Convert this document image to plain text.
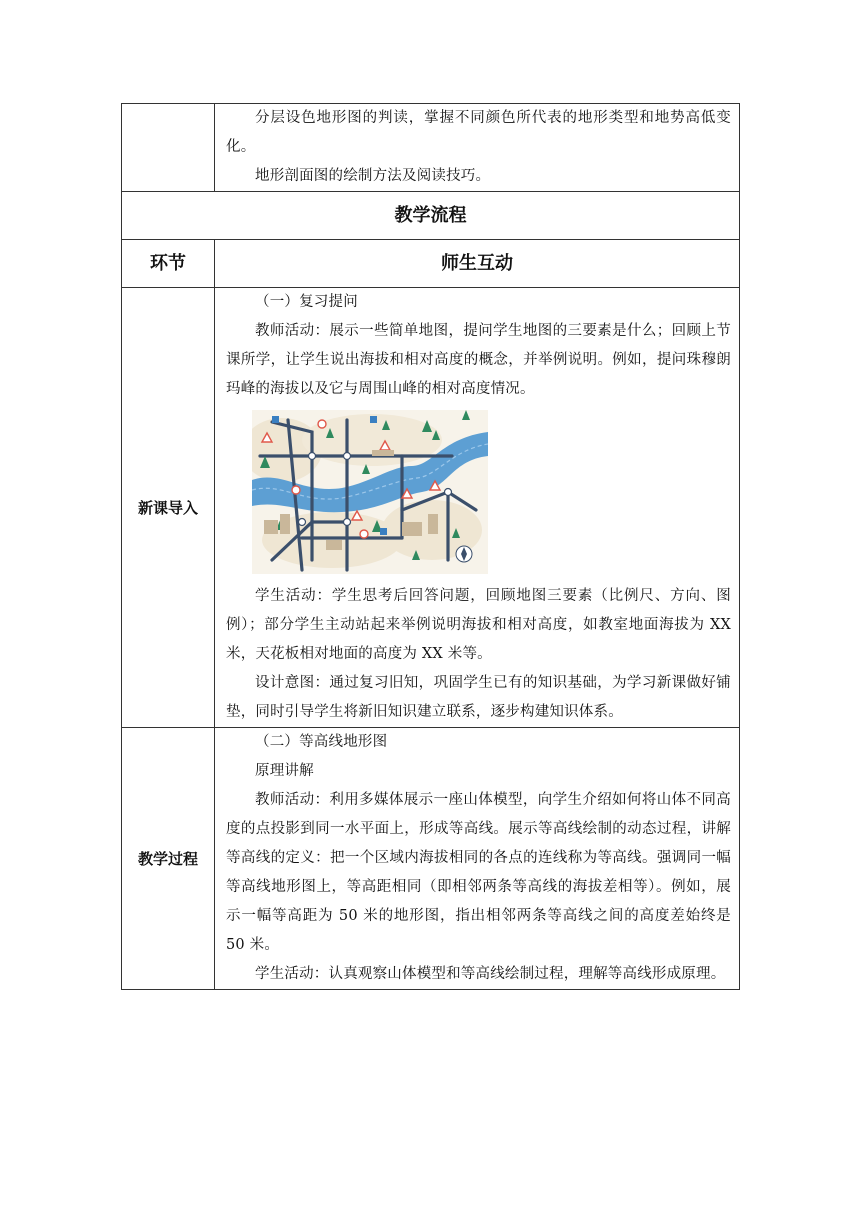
	分层设色地形图的判读，掌握不同颜色所代表的地形类型和地势高低变化。

地形剖面图的绘制方法及阅读技巧。

教学流程	
环节	师生互动
新课导入	（一）复习提问

教师活动：展示一些简单地图，提问学生地图的三要素是什么；回顾上节课所学，让学生说出海拔和相对高度的概念，并举例说明。例如，提问珠穆朗玛峰的海拔以及它与周围山峰的相对高度情况。

学生活动：学生思考后回答问题，回顾地图三要素（比例尺、方向、图例）；部分学生主动站起来举例说明海拔和相对高度，如教室地面海拔为 XX 米，天花板相对地面的高度为 XX 米等。

设计意图：通过复习旧知，巩固学生已有的知识基础，为学习新课做好铺垫，同时引导学生将新旧知识建立联系，逐步构建知识体系。

教学过程	（二）等高线地形图

原理讲解

教师活动：利用多媒体展示一座山体模型，向学生介绍如何将山体不同高度的点投影到同一水平面上，形成等高线。展示等高线绘制的动态过程，讲解等高线的定义：把一个区域内海拔相同的各点的连线称为等高线。强调同一幅等高线地形图上，等高距相同（即相邻两条等高线的海拔差相等）。例如，展示一幅等高距为 50 米的地形图，指出相邻两条等高线之间的高度差始终是 50 米。

学生活动：认真观察山体模型和等高线绘制过程，理解等高线形成原理。
